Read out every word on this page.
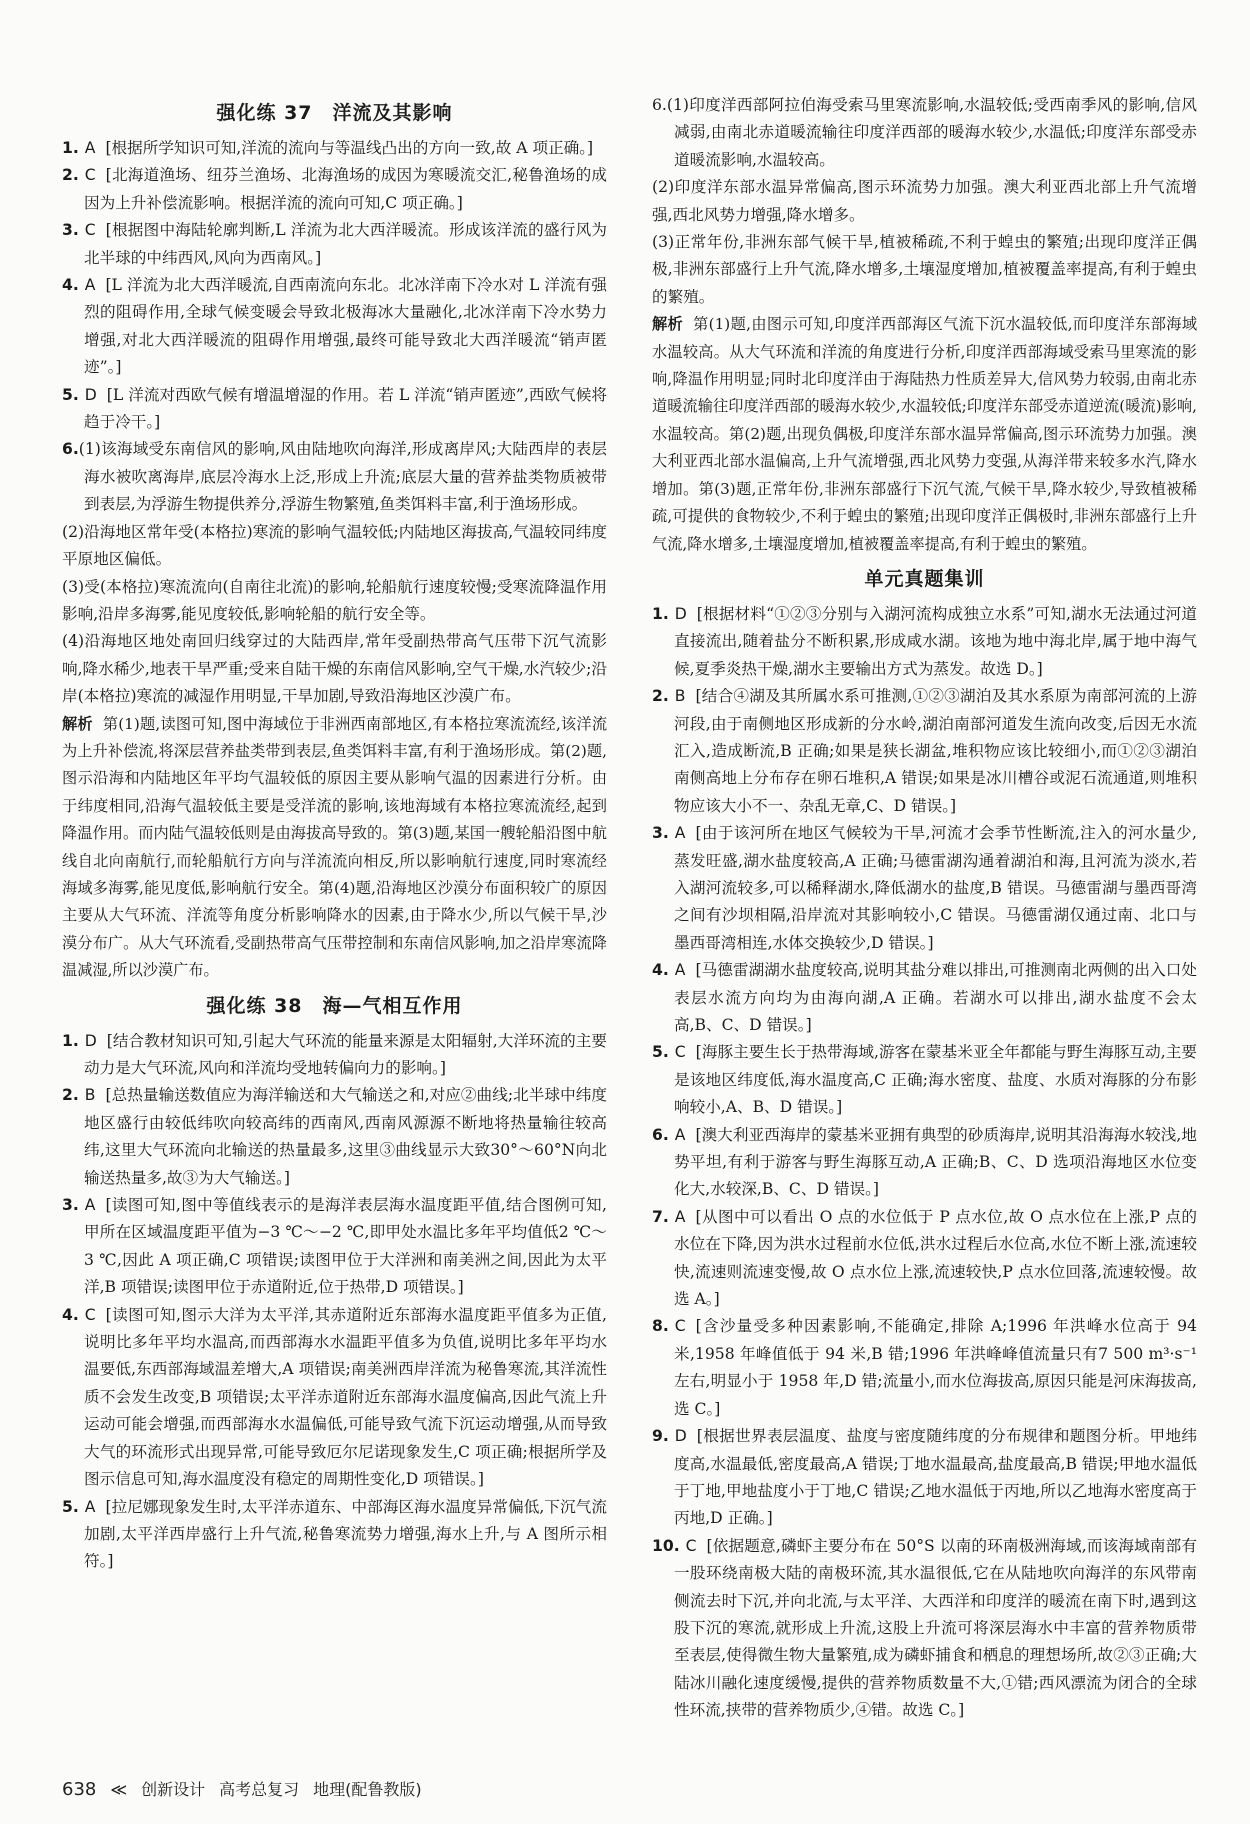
强化练 37　洋流及其影响

1. A [根据所学知识可知,洋流的流向与等温线凸出的方向一致,故 A 项正确。]

2. C [北海道渔场、纽芬兰渔场、北海渔场的成因为寒暖流交汇,秘鲁渔场的成因为上升补偿流影响。根据洋流的流向可知,C 项正确。]

3. C [根据图中海陆轮廓判断,L 洋流为北大西洋暖流。形成该洋流的盛行风为北半球的中纬西风,风向为西南风。]

4. A [L 洋流为北大西洋暖流,自西南流向东北。北冰洋南下冷水对 L 洋流有强烈的阻碍作用,全球气候变暖会导致北极海冰大量融化,北冰洋南下冷水势力增强,对北大西洋暖流的阻碍作用增强,最终可能导致北大西洋暖流“销声匿迹”。]

5. D [L 洋流对西欧气候有增温增湿的作用。若 L 洋流“销声匿迹”,西欧气候将趋于冷干。]

6.(1)该海域受东南信风的影响,风由陆地吹向海洋,形成离岸风;大陆西岸的表层海水被吹离海岸,底层冷海水上泛,形成上升流;底层大量的营养盐类物质被带到表层,为浮游生物提供养分,浮游生物繁殖,鱼类饵料丰富,利于渔场形成。

(2)沿海地区常年受(本格拉)寒流的影响气温较低;内陆地区海拔高,气温较同纬度平原地区偏低。

(3)受(本格拉)寒流流向(自南往北流)的影响,轮船航行速度较慢;受寒流降温作用影响,沿岸多海雾,能见度较低,影响轮船的航行安全等。

(4)沿海地区地处南回归线穿过的大陆西岸,常年受副热带高气压带下沉气流影响,降水稀少,地表干旱严重;受来自陆干燥的东南信风影响,空气干燥,水汽较少;沿岸(本格拉)寒流的减湿作用明显,干旱加剧,导致沿海地区沙漠广布。

解析 第(1)题,读图可知,图中海域位于非洲西南部地区,有本格拉寒流流经,该洋流为上升补偿流,将深层营养盐类带到表层,鱼类饵料丰富,有利于渔场形成。第(2)题,图示沿海和内陆地区年平均气温较低的原因主要从影响气温的因素进行分析。由于纬度相同,沿海气温较低主要是受洋流的影响,该地海域有本格拉寒流流经,起到降温作用。而内陆气温较低则是由海拔高导致的。第(3)题,某国一艘轮船沿图中航线自北向南航行,而轮船航行方向与洋流流向相反,所以影响航行速度,同时寒流经海域多海雾,能见度低,影响航行安全。第(4)题,沿海地区沙漠分布面积较广的原因主要从大气环流、洋流等角度分析影响降水的因素,由于降水少,所以气候干旱,沙漠分布广。从大气环流看,受副热带高气压带控制和东南信风影响,加之沿岸寒流降温减湿,所以沙漠广布。

强化练 38　海—气相互作用

1. D [结合教材知识可知,引起大气环流的能量来源是太阳辐射,大洋环流的主要动力是大气环流,风向和洋流均受地转偏向力的影响。]

2. B [总热量输送数值应为海洋输送和大气输送之和,对应②曲线;北半球中纬度地区盛行由较低纬吹向较高纬的西南风,西南风源源不断地将热量输往较高纬,这里大气环流向北输送的热量最多,这里③曲线显示大致30°～60°N向北输送热量多,故③为大气输送。]

3. A [读图可知,图中等值线表示的是海洋表层海水温度距平值,结合图例可知,甲所在区域温度距平值为−3 ℃～−2 ℃,即甲处水温比多年平均值低2 ℃～3 ℃,因此 A 项正确,C 项错误;读图甲位于大洋洲和南美洲之间,因此为太平洋,B 项错误;读图甲位于赤道附近,位于热带,D 项错误。]

4. C [读图可知,图示大洋为太平洋,其赤道附近东部海水温度距平值多为正值,说明比多年平均水温高,而西部海水水温距平值多为负值,说明比多年平均水温要低,东西部海域温差增大,A 项错误;南美洲西岸洋流为秘鲁寒流,其洋流性质不会发生改变,B 项错误;太平洋赤道附近东部海水温度偏高,因此气流上升运动可能会增强,而西部海水水温偏低,可能导致气流下沉运动增强,从而导致大气的环流形式出现异常,可能导致厄尔尼诺现象发生,C 项正确;根据所学及图示信息可知,海水温度没有稳定的周期性变化,D 项错误。]

5. A [拉尼娜现象发生时,太平洋赤道东、中部海区海水温度异常偏低,下沉气流加剧,太平洋西岸盛行上升气流,秘鲁寒流势力增强,海水上升,与 A 图所示相符。]

6.(1)印度洋西部阿拉伯海受索马里寒流影响,水温较低;受西南季风的影响,信风减弱,由南北赤道暖流输往印度洋西部的暖海水较少,水温低;印度洋东部受赤道暖流影响,水温较高。

(2)印度洋东部水温异常偏高,图示环流势力加强。澳大利亚西北部上升气流增强,西北风势力增强,降水增多。

(3)正常年份,非洲东部气候干旱,植被稀疏,不利于蝗虫的繁殖;出现印度洋正偶极,非洲东部盛行上升气流,降水增多,土壤湿度增加,植被覆盖率提高,有利于蝗虫的繁殖。

解析 第(1)题,由图示可知,印度洋西部海区气流下沉水温较低,而印度洋东部海域水温较高。从大气环流和洋流的角度进行分析,印度洋西部海域受索马里寒流的影响,降温作用明显;同时北印度洋由于海陆热力性质差异大,信风势力较弱,由南北赤道暖流输往印度洋西部的暖海水较少,水温较低;印度洋东部受赤道逆流(暖流)影响,水温较高。第(2)题,出现负偶极,印度洋东部水温异常偏高,图示环流势力加强。澳大利亚西北部水温偏高,上升气流增强,西北风势力变强,从海洋带来较多水汽,降水增加。第(3)题,正常年份,非洲东部盛行下沉气流,气候干旱,降水较少,导致植被稀疏,可提供的食物较少,不利于蝗虫的繁殖;出现印度洋正偶极时,非洲东部盛行上升气流,降水增多,土壤湿度增加,植被覆盖率提高,有利于蝗虫的繁殖。

单元真题集训

1. D [根据材料“①②③分别与入湖河流构成独立水系”可知,湖水无法通过河道直接流出,随着盐分不断积累,形成咸水湖。该地为地中海北岸,属于地中海气候,夏季炎热干燥,湖水主要输出方式为蒸发。故选 D。]

2. B [结合④湖及其所属水系可推测,①②③湖泊及其水系原为南部河流的上游河段,由于南侧地区形成新的分水岭,湖泊南部河道发生流向改变,后因无水流汇入,造成断流,B 正确;如果是狭长湖盆,堆积物应该比较细小,而①②③湖泊南侧高地上分布存在卵石堆积,A 错误;如果是冰川槽谷或泥石流通道,则堆积物应该大小不一、杂乱无章,C、D 错误。]

3. A [由于该河所在地区气候较为干旱,河流才会季节性断流,注入的河水量少,蒸发旺盛,湖水盐度较高,A 正确;马德雷湖沟通着湖泊和海,且河流为淡水,若入湖河流较多,可以稀释湖水,降低湖水的盐度,B 错误。马德雷湖与墨西哥湾之间有沙坝相隔,沿岸流对其影响较小,C 错误。马德雷湖仅通过南、北口与墨西哥湾相连,水体交换较少,D 错误。]

4. A [马德雷湖湖水盐度较高,说明其盐分难以排出,可推测南北两侧的出入口处表层水流方向均为由海向湖,A 正确。若湖水可以排出,湖水盐度不会太高,B、C、D 错误。]

5. C [海豚主要生长于热带海域,游客在蒙基米亚全年都能与野生海豚互动,主要是该地区纬度低,海水温度高,C 正确;海水密度、盐度、水质对海豚的分布影响较小,A、B、D 错误。]

6. A [澳大利亚西海岸的蒙基米亚拥有典型的砂质海岸,说明其沿海海水较浅,地势平坦,有利于游客与野生海豚互动,A 正确;B、C、D 选项沿海地区水位变化大,水较深,B、C、D 错误。]

7. A [从图中可以看出 O 点的水位低于 P 点水位,故 O 点水位在上涨,P 点的水位在下降,因为洪水过程前水位低,洪水过程后水位高,水位不断上涨,流速较快,流速则流速变慢,故 O 点水位上涨,流速较快,P 点水位回落,流速较慢。故选 A。]

8. C [含沙量受多种因素影响,不能确定,排除 A;1996 年洪峰水位高于 94 米,1958 年峰值低于 94 米,B 错;1996 年洪峰峰值流量只有7 500 m³·s⁻¹左右,明显小于 1958 年,D 错;流量小,而水位海拔高,原因只能是河床海拔高,选 C。]

9. D [根据世界表层温度、盐度与密度随纬度的分布规律和题图分析。甲地纬度高,水温最低,密度最高,A 错误;丁地水温最高,盐度最高,B 错误;甲地水温低于丁地,甲地盐度小于丁地,C 错误;乙地水温低于丙地,所以乙地海水密度高于丙地,D 正确。]

10. C [依据题意,磷虾主要分布在 50°S 以南的环南极洲海域,而该海域南部有一股环绕南极大陆的南极环流,其水温很低,它在从陆地吹向海洋的东风带南侧流去时下沉,并向北流,与太平洋、大西洋和印度洋的暖流在南下时,遇到这股下沉的寒流,就形成上升流,这股上升流可将深层海水中丰富的营养物质带至表层,使得微生物大量繁殖,成为磷虾捕食和栖息的理想场所,故②③正确;大陆冰川融化速度缓慢,提供的营养物质数量不大,①错;西风漂流为闭合的全球性环流,挟带的营养物质少,④错。故选 C。]

638 ≪ 创新设计 高考总复习 地理(配鲁教版)
